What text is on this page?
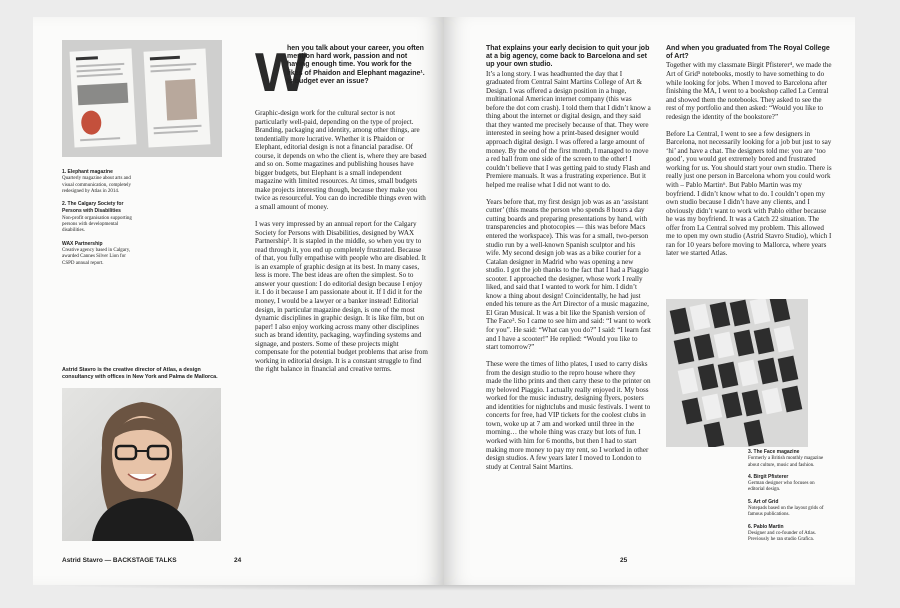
1. Elephant magazine
Quarterly magazine about arts and visual communication, completely redesigned by Atlas in 2014.
2. The Calgary Society for Persons with Disabilities
Non-profit organisation supporting persons with developmental disabilities.
WAX Partnership
Creative agency based in Calgary, awarded Cannes Silver Lion for CSPD annual report.
Astrid Stavro is the creative director of Atlas, a design consultancy with offices in New York and Palma de Mallorca.
W
hen you talk about your career, you often mention hard work, passion and not having enough time. You work for the likes of Phaidon and Elephant magazine¹. Is budget ever an issue?

Graphic-design work for the cultural sector is not particularly well-paid, depending on the type of project. Branding, packaging and identity, among other things, are tendentially more lucrative. Whether it is Phaidon or Elephant, editorial design is not a financial paradise. Of course, it depends on who the client is, where they are based and so on. Some magazines and publishing houses have bigger budgets, but Elephant is a small independent magazine with limited resources. At times, small budgets make projects interesting though, because they make you twice as resourceful. You can do incredible things even with a small amount of money.

I was very impressed by an annual report for the Calgary Society for Persons with Disabilities, designed by WAX Partnership². It is stapled in the middle, so when you try to read through it, you end up completely frustrated. Because of that, you fully empathise with people who are disabled. It is an example of graphic design at its best. In many cases, less is more. The best ideas are often the simplest. So to answer your question: I do editorial design because I enjoy it. I do it because I am passionate about it. If I did it for the money, I would be a lawyer or a banker instead! Editorial design, in particular magazine design, is one of the most dynamic disciplines in graphic design. It is like film, but on paper! I also enjoy working across many other disciplines such as brand identity, packaging, wayfinding systems and signage, and posters. Some of these projects might compensate for the potential budget problems that arise from working in editorial design. It is a constant struggle to find the right balance in financial and creative terms.

Astrid Stavro — BACKSTAGE TALKS	24
That explains your early decision to quit your job at a big agency, come back to Barcelona and set up your own studio.

It’s a long story. I was headhunted the day that I graduated from Central Saint Martins College of Art & Design. I was offered a design position in a huge, multinational American internet company (this was before the dot com crash). I told them that I didn’t know a thing about the internet or digital design, and they said that they wanted me precisely because of that. They were interested in seeing how a print-based designer would approach digital design. I was offered a large amount of money. By the end of the first month, I managed to move a red ball from one side of the screen to the other! I couldn’t believe that I was getting paid to study Flash and Premiere manuals. It was a frustrating experience. But it helped me realise what I did not want to do.

Years before that, my first design job was as an ‘assistant cutter’ (this means the person who spends 8 hours a day cutting boards and preparing presentations by hand, with transparencies and photocopies — this was before Macs entered the workspace). This was for a small, two-person studio run by a well-known Spanish sculptor and his wife. My second design job was as a bike courier for a Catalan designer in Madrid who was opening a new studio. I got the job thanks to the fact that I had a Piaggio scooter. I approached the designer, whose work I really liked, and said that I wanted to work for him. I didn’t know a thing about design! Coincidentally, he had just ended his tenure as the Art Director of a music magazine, El Gran Musical. It was a bit like the Spanish version of The Face³. So I came to see him and said: “I want to work for you”. He said: “What can you do?” I said: “I learn fast and I have a scooter!” He replied: “Would you like to start tomorrow?”

These were the times of litho plates, I used to carry disks from the design studio to the repro house where they made the litho prints and then carry these to the printer on my beloved Piaggio. I actually really enjoyed it. My boss worked for the music industry, designing flyers, posters and identities for nightclubs and music festivals. I went to concerts for free, had VIP tickets for the coolest clubs in town, woke up at 7 am and worked until three in the morning… the whole thing was crazy but lots of fun. I worked with him for 6 months, but then I had to start making more money to pay my rent, so I worked in other design studios. A few years later I moved to London to study at Central Saint Martins.

And when you graduated from The Royal College of Art?

Together with my classmate Birgit Pfisterer⁴, we made the Art of Grid⁵ notebooks, mostly to have something to do while looking for jobs. When I moved to Barcelona after finishing the MA, I went to a bookshop called La Central and showed them the notebooks. They asked to see the rest of my portfolio and then asked: “Would you like to redesign the identity of the bookstore?”

Before La Central, I went to see a few designers in Barcelona, not necessarily looking for a job but just to say ‘hi’ and have a chat. The designers told me: you are ‘too good’, you would get extremely bored and frustrated working for us. You should start your own studio. There is really just one person in Barcelona whom you could work with – Pablo Martin⁶. But Pablo Martin was my boyfriend. I didn’t know what to do. I couldn’t open my own studio because I didn’t have any clients, and I obviously didn’t want to work with Pablo either because he was my boyfriend. It was a Catch 22 situation. The offer from La Central solved my problem. This allowed me to open my own studio (Astrid Stavro Studio), which I ran for 10 years before moving to Mallorca, where years later we started Atlas.

3. The Face magazine
Formerly a British monthly magazine about culture, music and fashion.
4. Birgit Pfisterer
German designer who focuses on editorial design.
5. Art of Grid
Notepads based on the layout grids of famous publications.
6. Pablo Martin
Designer and co-founder of Atlas. Previously he ran studio Grafica.
25
